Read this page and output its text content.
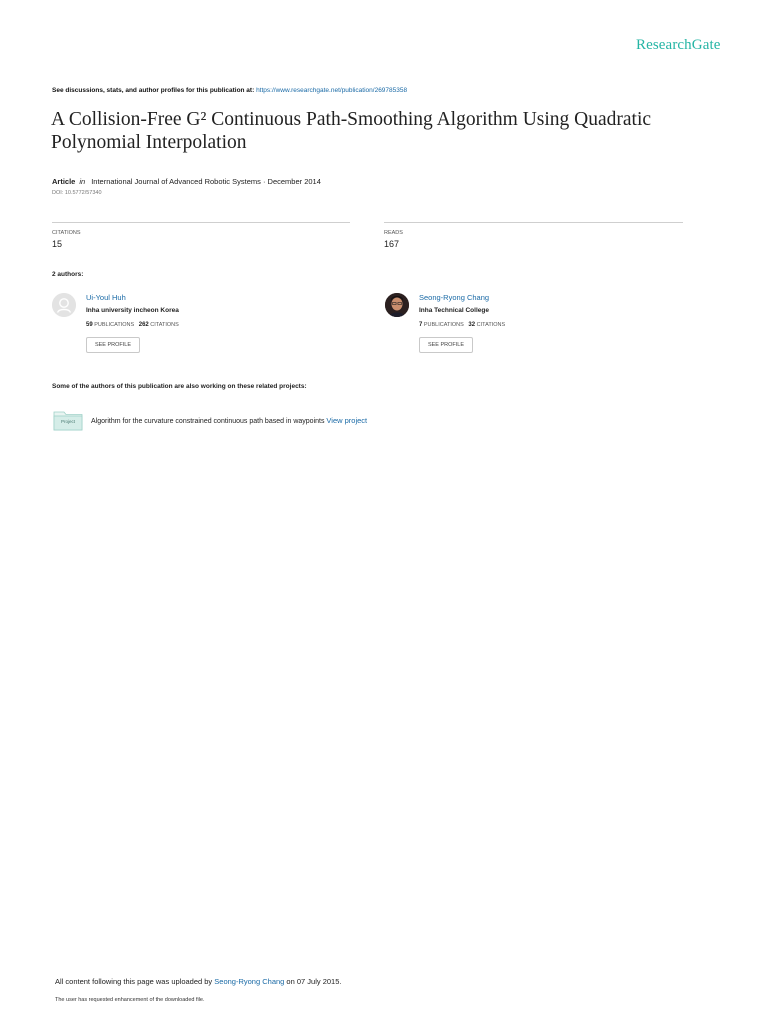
ResearchGate
See discussions, stats, and author profiles for this publication at: https://www.researchgate.net/publication/269785358
A Collision-Free G² Continuous Path-Smoothing Algorithm Using Quadratic Polynomial Interpolation
Article in International Journal of Advanced Robotic Systems · December 2014
DOI: 10.5772/57340
CITATIONS
15
READS
167
2 authors:
Ui-Youl Huh
Inha university incheon Korea
59 PUBLICATIONS 262 CITATIONS
SEE PROFILE
Seong-Ryong Chang
Inha Technical College
7 PUBLICATIONS 32 CITATIONS
SEE PROFILE
Some of the authors of this publication are also working on these related projects:
Project	Algorithm for the curvature constrained continuous path based in waypoints View project
All content following this page was uploaded by Seong-Ryong Chang on 07 July 2015.
The user has requested enhancement of the downloaded file.
